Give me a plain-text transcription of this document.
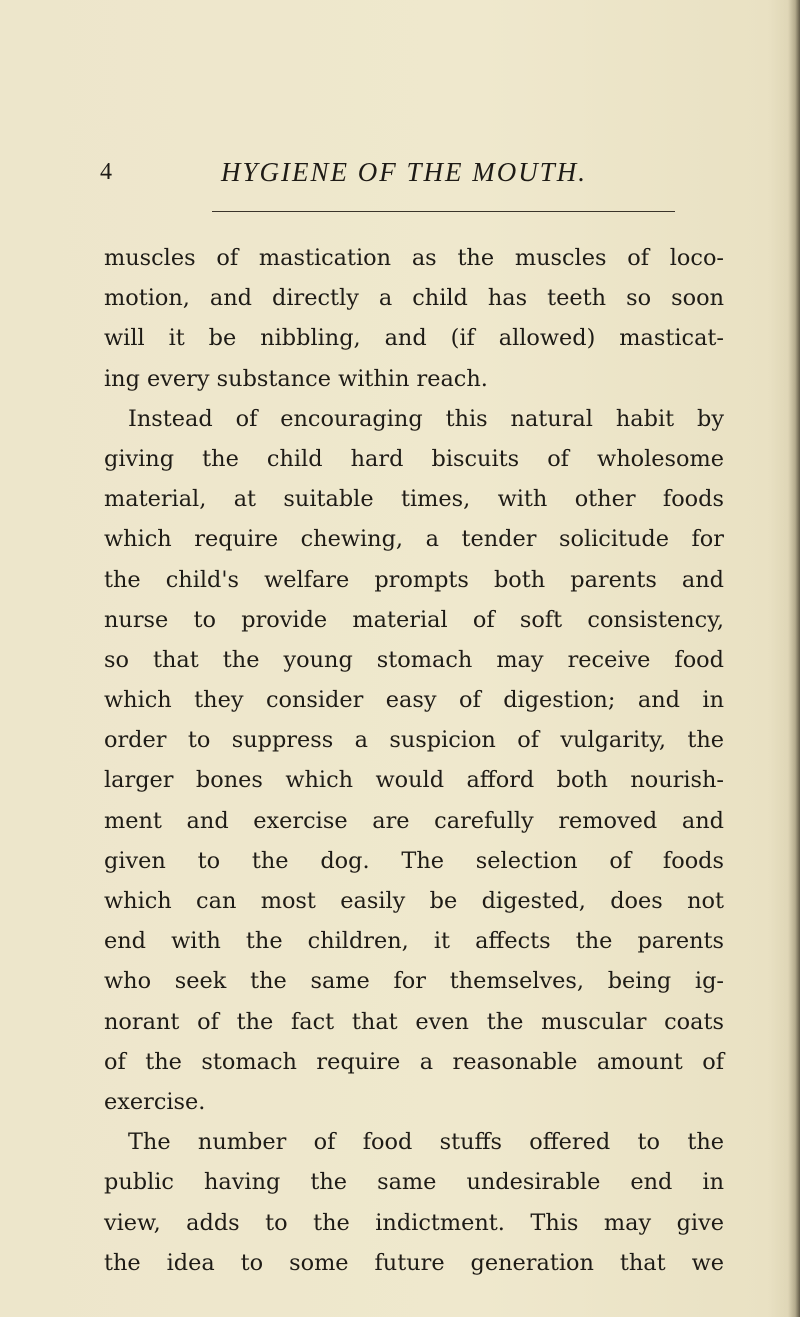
4	HYGIENE OF THE MOUTH.
muscles of mastication as the muscles of loco-
motion, and directly a child has teeth so soon
will it be nibbling, and (if allowed) masticat-
ing every substance within reach.
Instead of encouraging this natural habit by
giving the child hard biscuits of wholesome
material, at suitable times, with other foods
which require chewing, a tender solicitude for
the child's welfare prompts both parents and
nurse to provide material of soft consistency,
so that the young stomach may receive food
which they consider easy of digestion; and in
order to suppress a suspicion of vulgarity, the
larger bones which would afford both nourish-
ment and exercise are carefully removed and
given to the dog. The selection of foods
which can most easily be digested, does not
end with the children, it affects the parents
who seek the same for themselves, being ig-
norant of the fact that even the muscular coats
of the stomach require a reasonable amount of
exercise.
The number of food stuffs offered to the
public having the same undesirable end in
view, adds to the indictment. This may give
the idea to some future generation that we
